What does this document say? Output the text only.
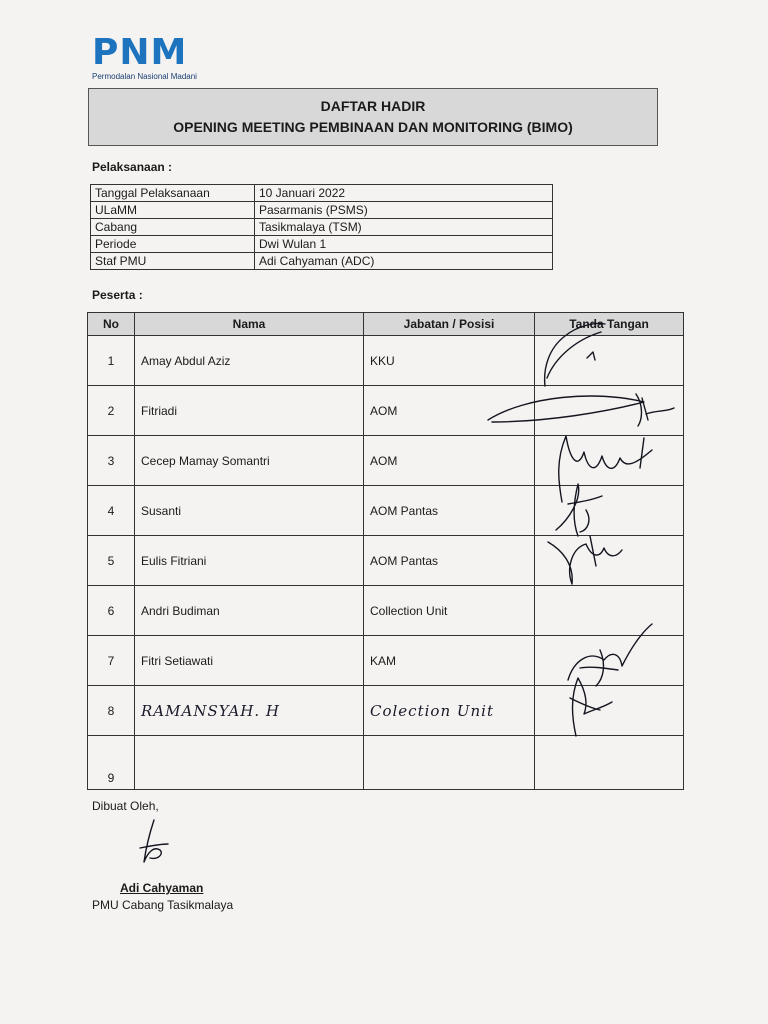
PNM
Permodalan Nasional Madani
DAFTAR HADIR
OPENING MEETING PEMBINAAN DAN MONITORING (BIMO)
Pelaksanaan :
Tanggal Pelaksanaan	10 Januari 2022
ULaMM	Pasarmanis (PSMS)
Cabang	Tasikmalaya (TSM)
Periode	Dwi Wulan 1
Staf PMU	Adi Cahyaman (ADC)
Peserta :
No	Nama	Jabatan / Posisi	Tanda Tangan
1	Amay Abdul Aziz	KKU	
2	Fitriadi	AOM	
3	Cecep Mamay Somantri	AOM	
4	Susanti	AOM Pantas	
5	Eulis Fitriani	AOM Pantas	
6	Andri Budiman	Collection Unit	
7	Fitri Setiawati	KAM	
8	RAMANSYAH. H	Colection Unit	
9			
Dibuat Oleh,
Adi Cahyaman
PMU Cabang Tasikmalaya
